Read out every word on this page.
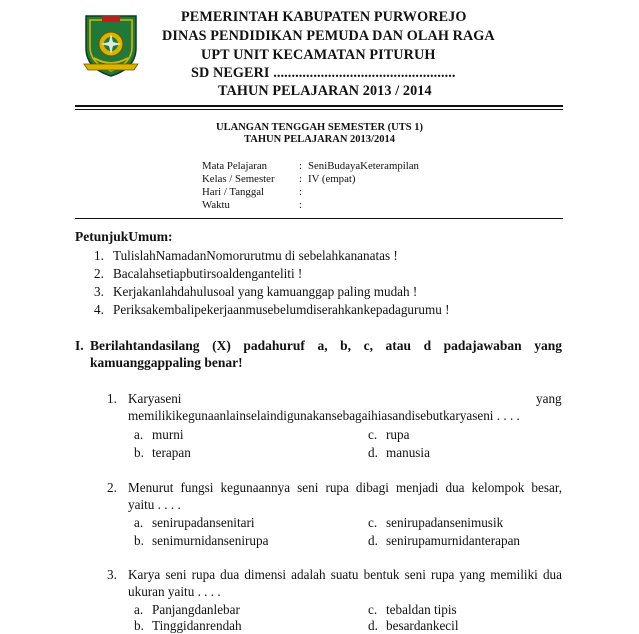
PEMERINTAH KABUPATEN PURWOREJO
DINAS PENDIDIKAN PEMUDA DAN OLAH RAGA
UPT UNIT KECAMATAN PITURUH
SD NEGERI ..................................................
TAHUN PELAJARAN 2013 / 2014
ULANGAN TENGGAH SEMESTER (UTS 1)
TAHUN PELAJARAN 2013/2014
Mata Pelajaran	: SeniBudayaKeterampilan
Kelas / Semester : IV (empat)
Hari / Tanggal	:
Waktu	:
PetunjukUmum:
1. TulislahNamadanNomorurutmu di sebelahkananatas !
2. Bacalahsetiapbutirsoaldenganteliti !
3. Kerjakanlahdahulusoal yang kamuanggap paling mudah !
4. Periksakembalipekerjaanmusebelumdiserahkankepadagurumu !
I. Berilahtandasilang (X) padahuruf a, b, c, atau d padajawaban yang
kamuanggappaling benar!
1. Karyaseni	yang
memilikikegunaanlainselaindigunakansebagaihiasandisebutkaryaseni . . . .
a. murni	c. rupa
b. terapan	d. manusia
2. Menurut fungsi kegunaannya seni rupa dibagi menjadi dua kelompok besar,
yaitu . . . .
a. senirupadansenitari	c. senirupadansenimusik
b. senimurnidansenirupa	d. senirupamurnidanterapan
3. Karya seni rupa dua dimensi adalah suatu bentuk seni rupa yang memiliki dua
ukuran yaitu . . . .
a. Panjangdanlebar	c. tebaldan tipis
b. Tinggidanrendah	d. besardankecil
